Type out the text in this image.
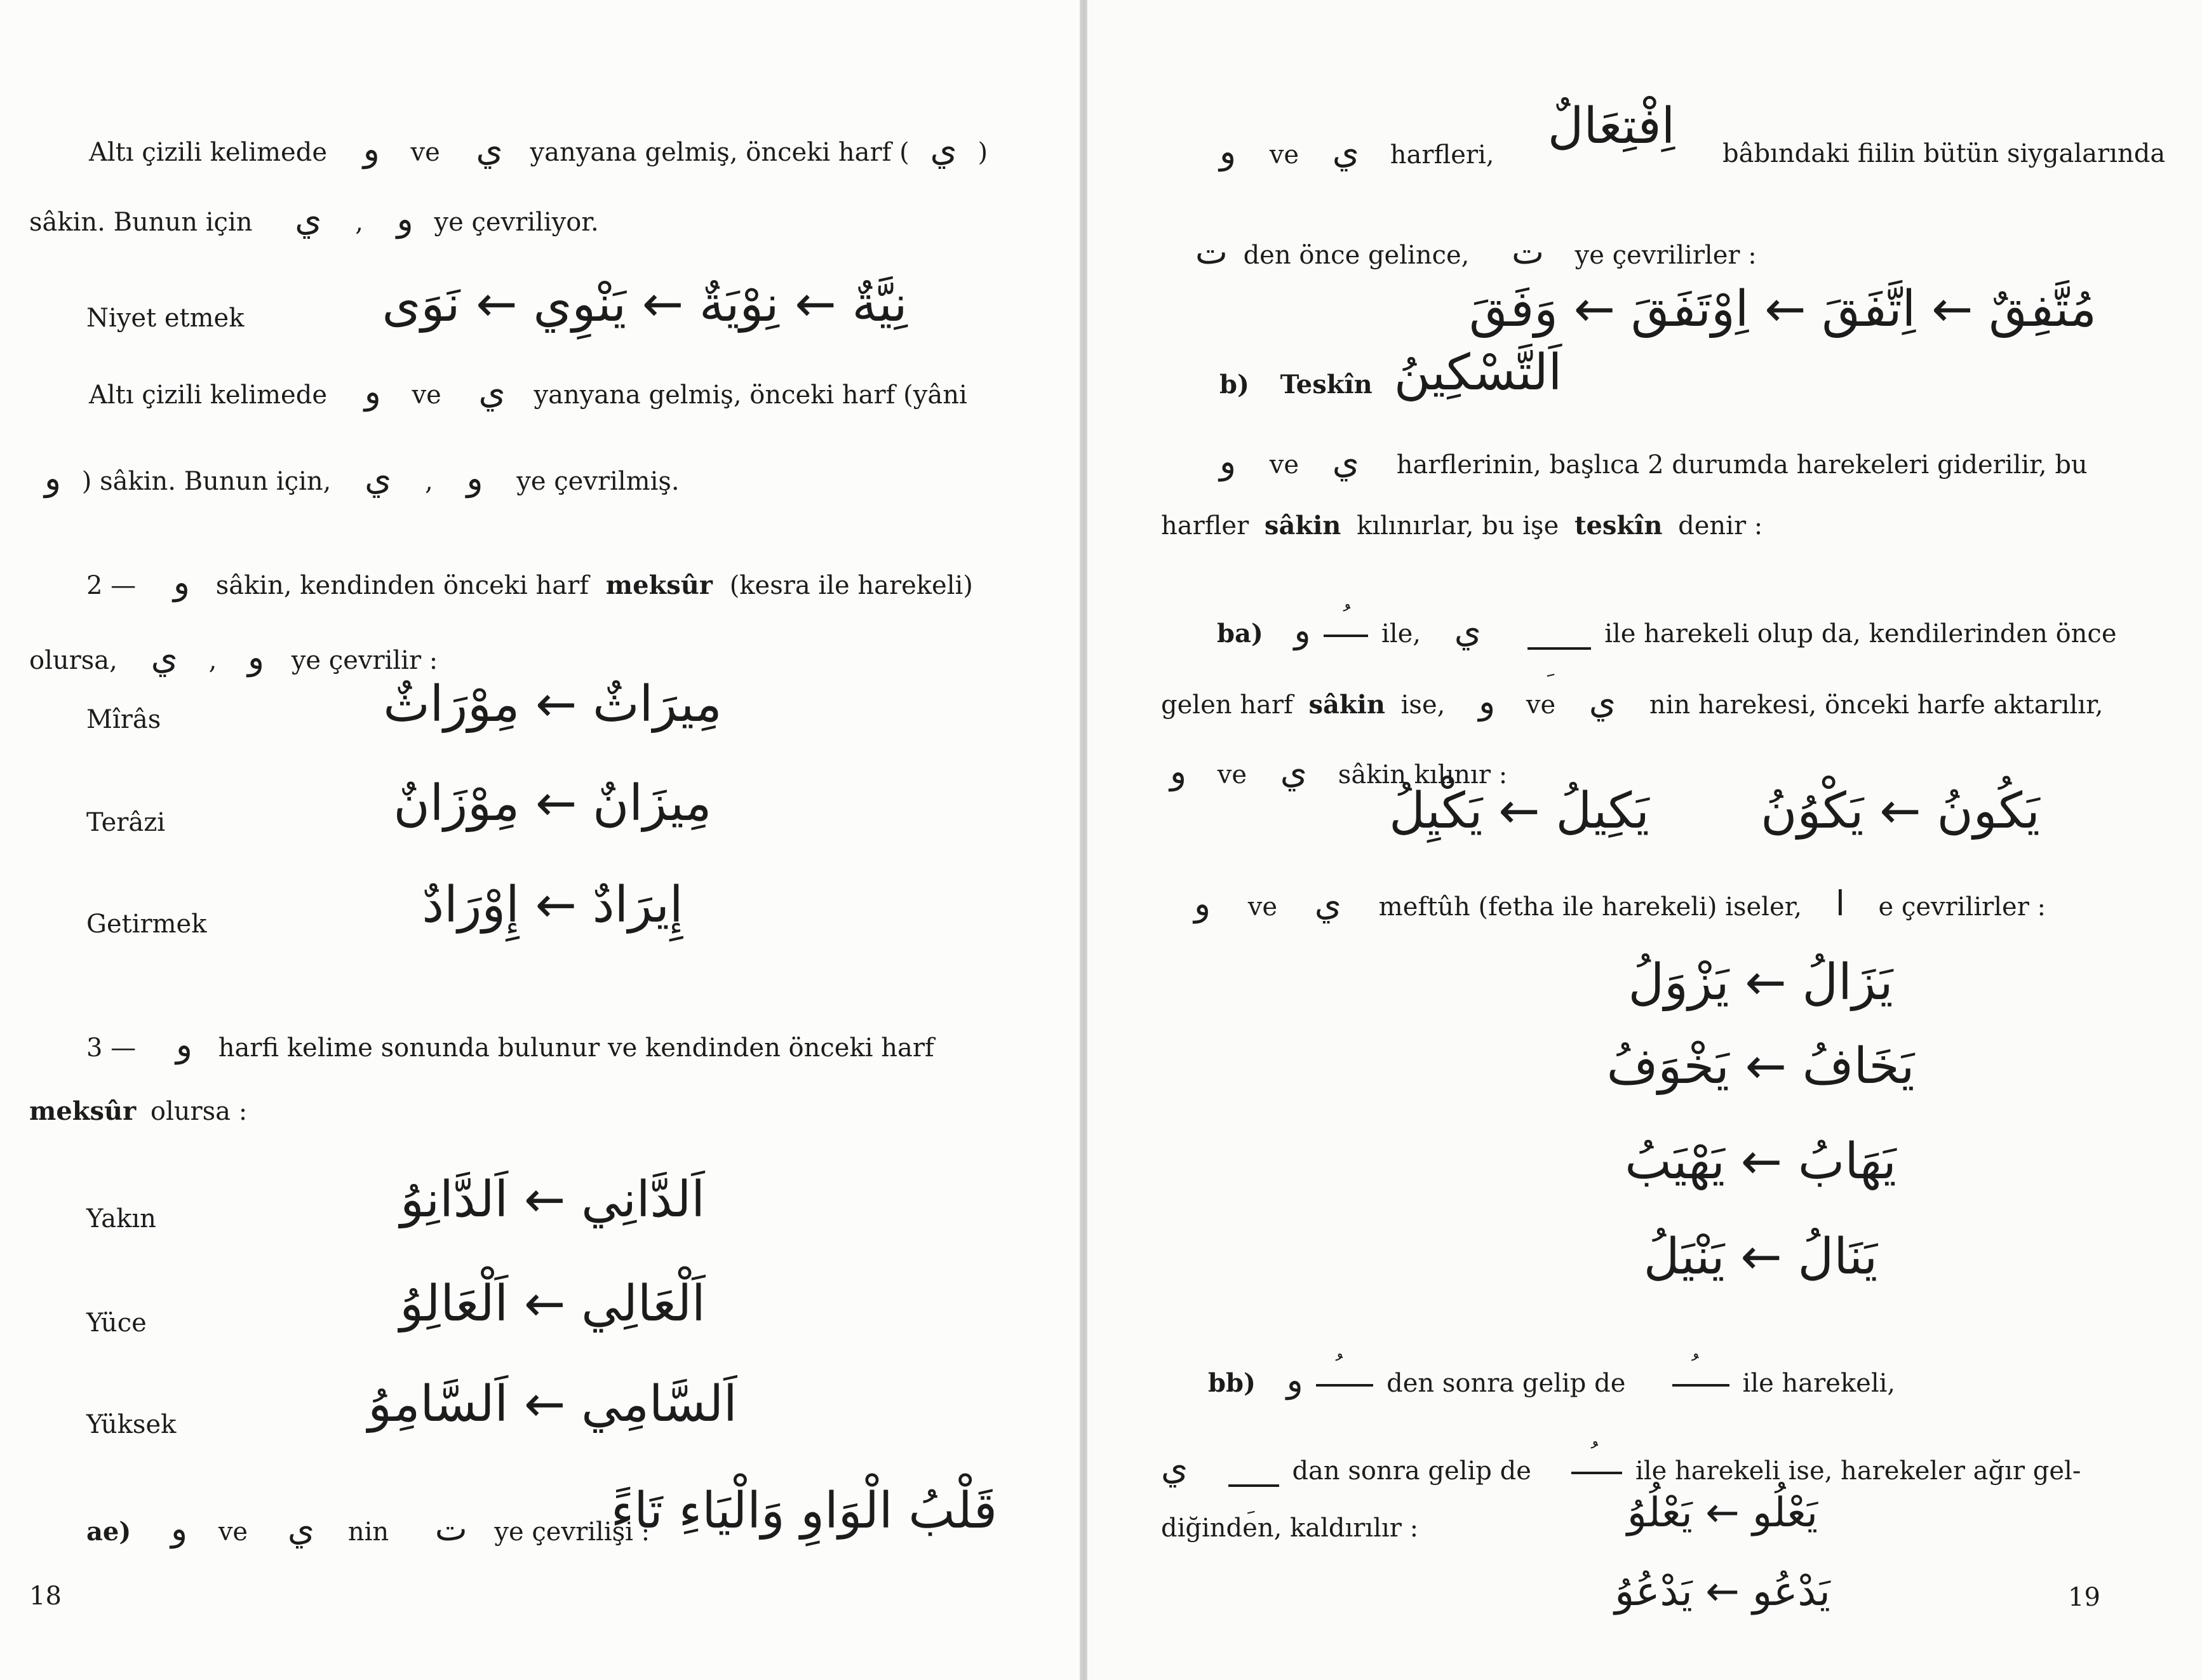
Altı çizili kelimede و ve ي yanyana gelmiş, önceki harf ( ي )
sâkin. Bunun için	و , ي	ye çevriliyor.
Niyet etmek	نِيَّةٌ ← نِوْيَةٌ ← يَنْوِي ← نَوَى
Altı çizili kelimede و ve ي yanyana gelmiş, önceki harf (yâni
و ) sâkin. Bunun için,	و , ي	ye çevrilmiş.
2 — و sâkin, kendinden önceki harf meksûr (kesra ile harekeli)
olursa,	و , ي	ye çevrilir :
Mîrâs	مِيرَاثٌ ← مِوْرَاثٌ
Terâzi	مِيزَانٌ ← مِوْزَانٌ
Getirmek	إِيرَادٌ ← إِوْرَادٌ
3 — و harfi kelime sonunda bulunur ve kendinden önceki harf
meksûr olursa :
Yakın	اَلدَّانِي ← اَلدَّانِوُ
Yüce	اَلْعَالِي ← اَلْعَالِوُ
Yüksek	اَلسَّامِي ← اَلسَّامِوُ
ae) و ve ي nin ت ye çevrilişi :
قَلْبُ الْوَاوِ وَالْيَاءِ تَاءً
18
و ve ي harfleri,	اِفْتِعَالٌ	bâbındaki fiilin bütün siygalarında
ت den önce gelince, ت ye çevrilirler :
مُتَّفِقٌ ← اِتَّفَقَ ← اِوْتَفَقَ ← وَفَقَ
b) Teskîn اَلتَّسْكِينُ
و ve ي harflerinin, başlıca 2 durumda harekeleri giderilir, bu
harfler sâkin kılınırlar, bu işe teskîn denir :
ba) و	ile, ي	ile harekeli olup da, kendilerinden önce
gelen harf sâkin ise, و ve ي nin harekesi, önceki harfe aktarılır,
و ve ي sâkin kılınır :
يَكِيلُ ← يَكْيِلُ	يَكُونُ ← يَكْوُنُ
و ve ي meftûh (fetha ile harekeli) iseler, ا e çevrilirler :
يَزَالُ ← يَزْوَلُ
يَخَافُ ← يَخْوَفُ
يَهَابُ ← يَهْيَبُ
يَنَالُ ← يَنْيَلُ
bb) و	den sonra gelip de	ile harekeli,
ي	dan sonra gelip de	ile harekeli ise, harekeler ağır gel-
diğinden, kaldırılır :	يَعْلُو ← يَعْلُوُ
يَدْعُو ← يَدْعُوُ	19
